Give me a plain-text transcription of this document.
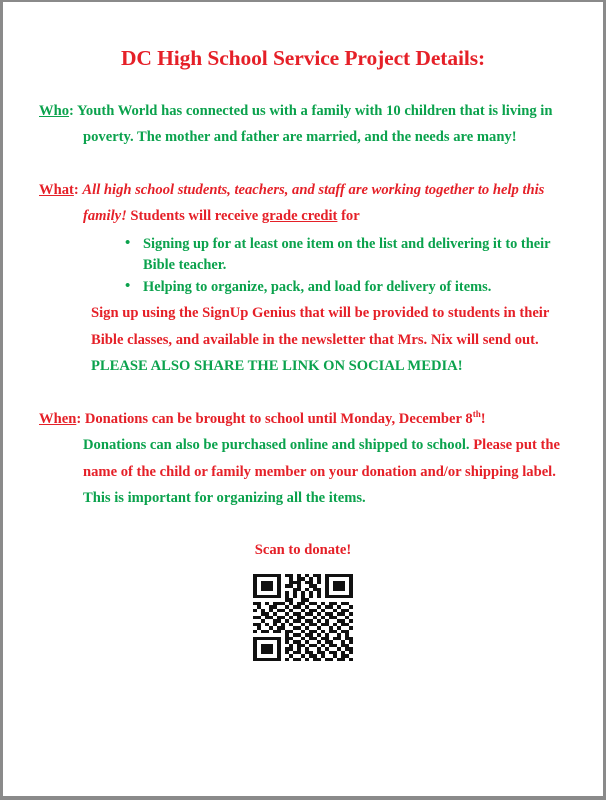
DC High School Service Project Details:

Who: Youth World has connected us with a family with 10 children that is living in poverty. The mother and father are married, and the needs are many!

What: All high school students, teachers, and staff are working together to help this family! Students will receive grade credit for

• Signing up for at least one item on the list and delivering it to their Bible teacher.
• Helping to organize, pack, and load for delivery of items.

Sign up using the SignUp Genius that will be provided to students in their Bible classes, and available in the newsletter that Mrs. Nix will send out. PLEASE ALSO SHARE THE LINK ON SOCIAL MEDIA!

When: Donations can be brought to school until Monday, December 8th!

Donations can also be purchased online and shipped to school. Please put the name of the child or family member on your donation and/or shipping label. This is important for organizing all the items.

Scan to donate!
